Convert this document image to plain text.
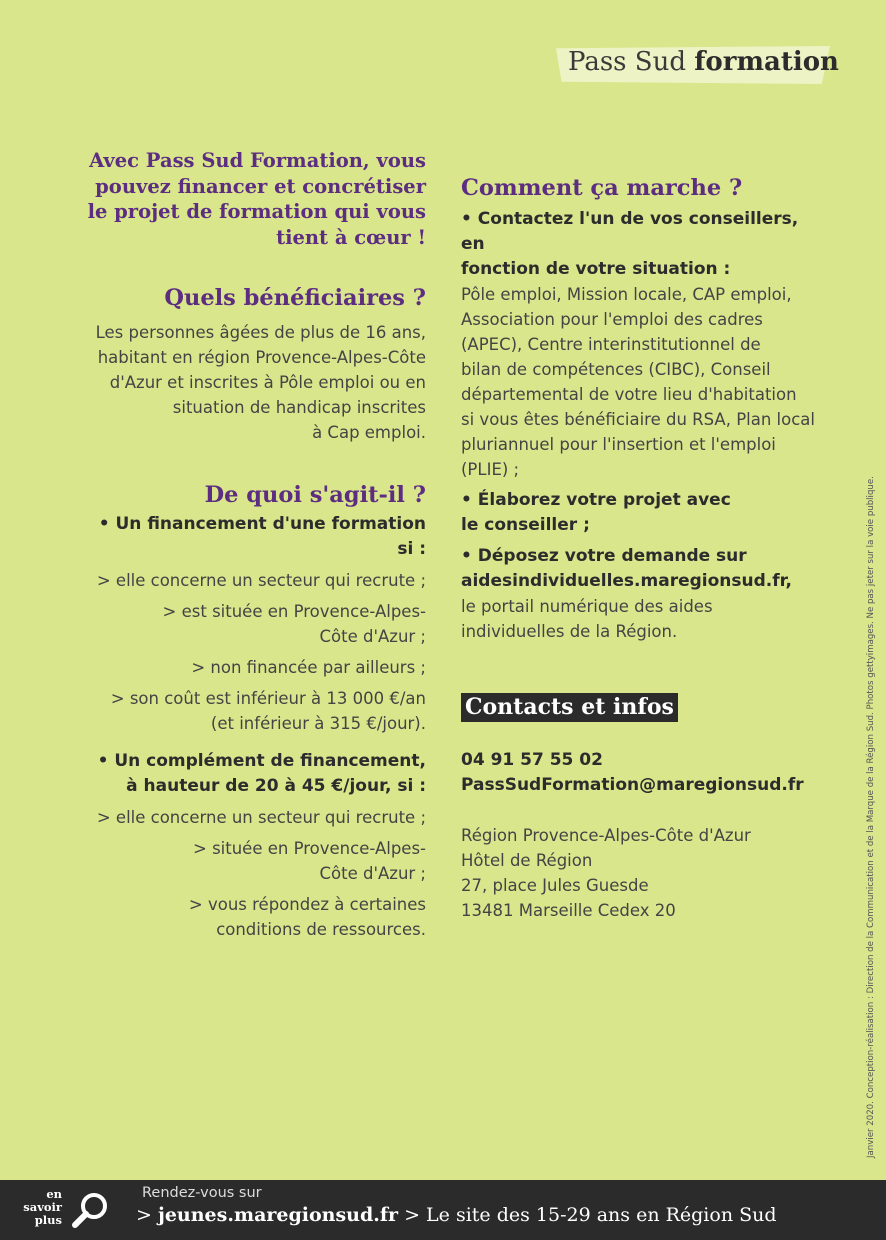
Pass Sud formation
Avec Pass Sud Formation, vous
pouvez financer et concrétiser
le projet de formation qui vous
tient à cœur !
Quels bénéficiaires ?

Les personnes âgées de plus de 16 ans,

habitant en région Provence-Alpes-Côte

d'Azur et inscrites à Pôle emploi ou en

situation de handicap inscrites

à Cap emploi.

De quoi s'agit-il ?

• Un financement d'une formation si :

> elle concerne un secteur qui recrute ;

> est située en Provence-Alpes-

Côte d'Azur ;

> non financée par ailleurs ;

> son coût est inférieur à 13 000 €/an

(et inférieur à 315 €/jour).

• Un complément de financement,

à hauteur de 20 à 45 €/jour, si :

> elle concerne un secteur qui recrute ;

> située en Provence-Alpes-

Côte d'Azur ;

> vous répondez à certaines

conditions de ressources.

Comment ça marche ?

• Contactez l'un de vos conseillers, en

fonction de votre situation :

Pôle emploi, Mission locale, CAP emploi,

Association pour l'emploi des cadres

(APEC), Centre interinstitutionnel de

bilan de compétences (CIBC), Conseil

départemental de votre lieu d'habitation

si vous êtes bénéficiaire du RSA, Plan local

pluriannuel pour l'insertion et l'emploi

(PLIE) ;

• Élaborez votre projet avec

le conseiller ;

• Déposez votre demande sur

aidesindividuelles.maregionsud.fr,

le portail numérique des aides

individuelles de la Région.

Contacts et infos

04 91 57 55 02

PassSudFormation@maregionsud.fr

Région Provence-Alpes-Côte d'Azur

Hôtel de Région

27, place Jules Guesde

13481 Marseille Cedex 20	Janvier 2020. Conception-réalisation : Direction de la Communication et de la Marque de la Région Sud. Photos gettyimages. Ne pas jeter sur la voie publique.
en
savoir
plus
Rendez-vous sur
> jeunes.maregionsud.fr > Le site des 15-29 ans en Région Sud
